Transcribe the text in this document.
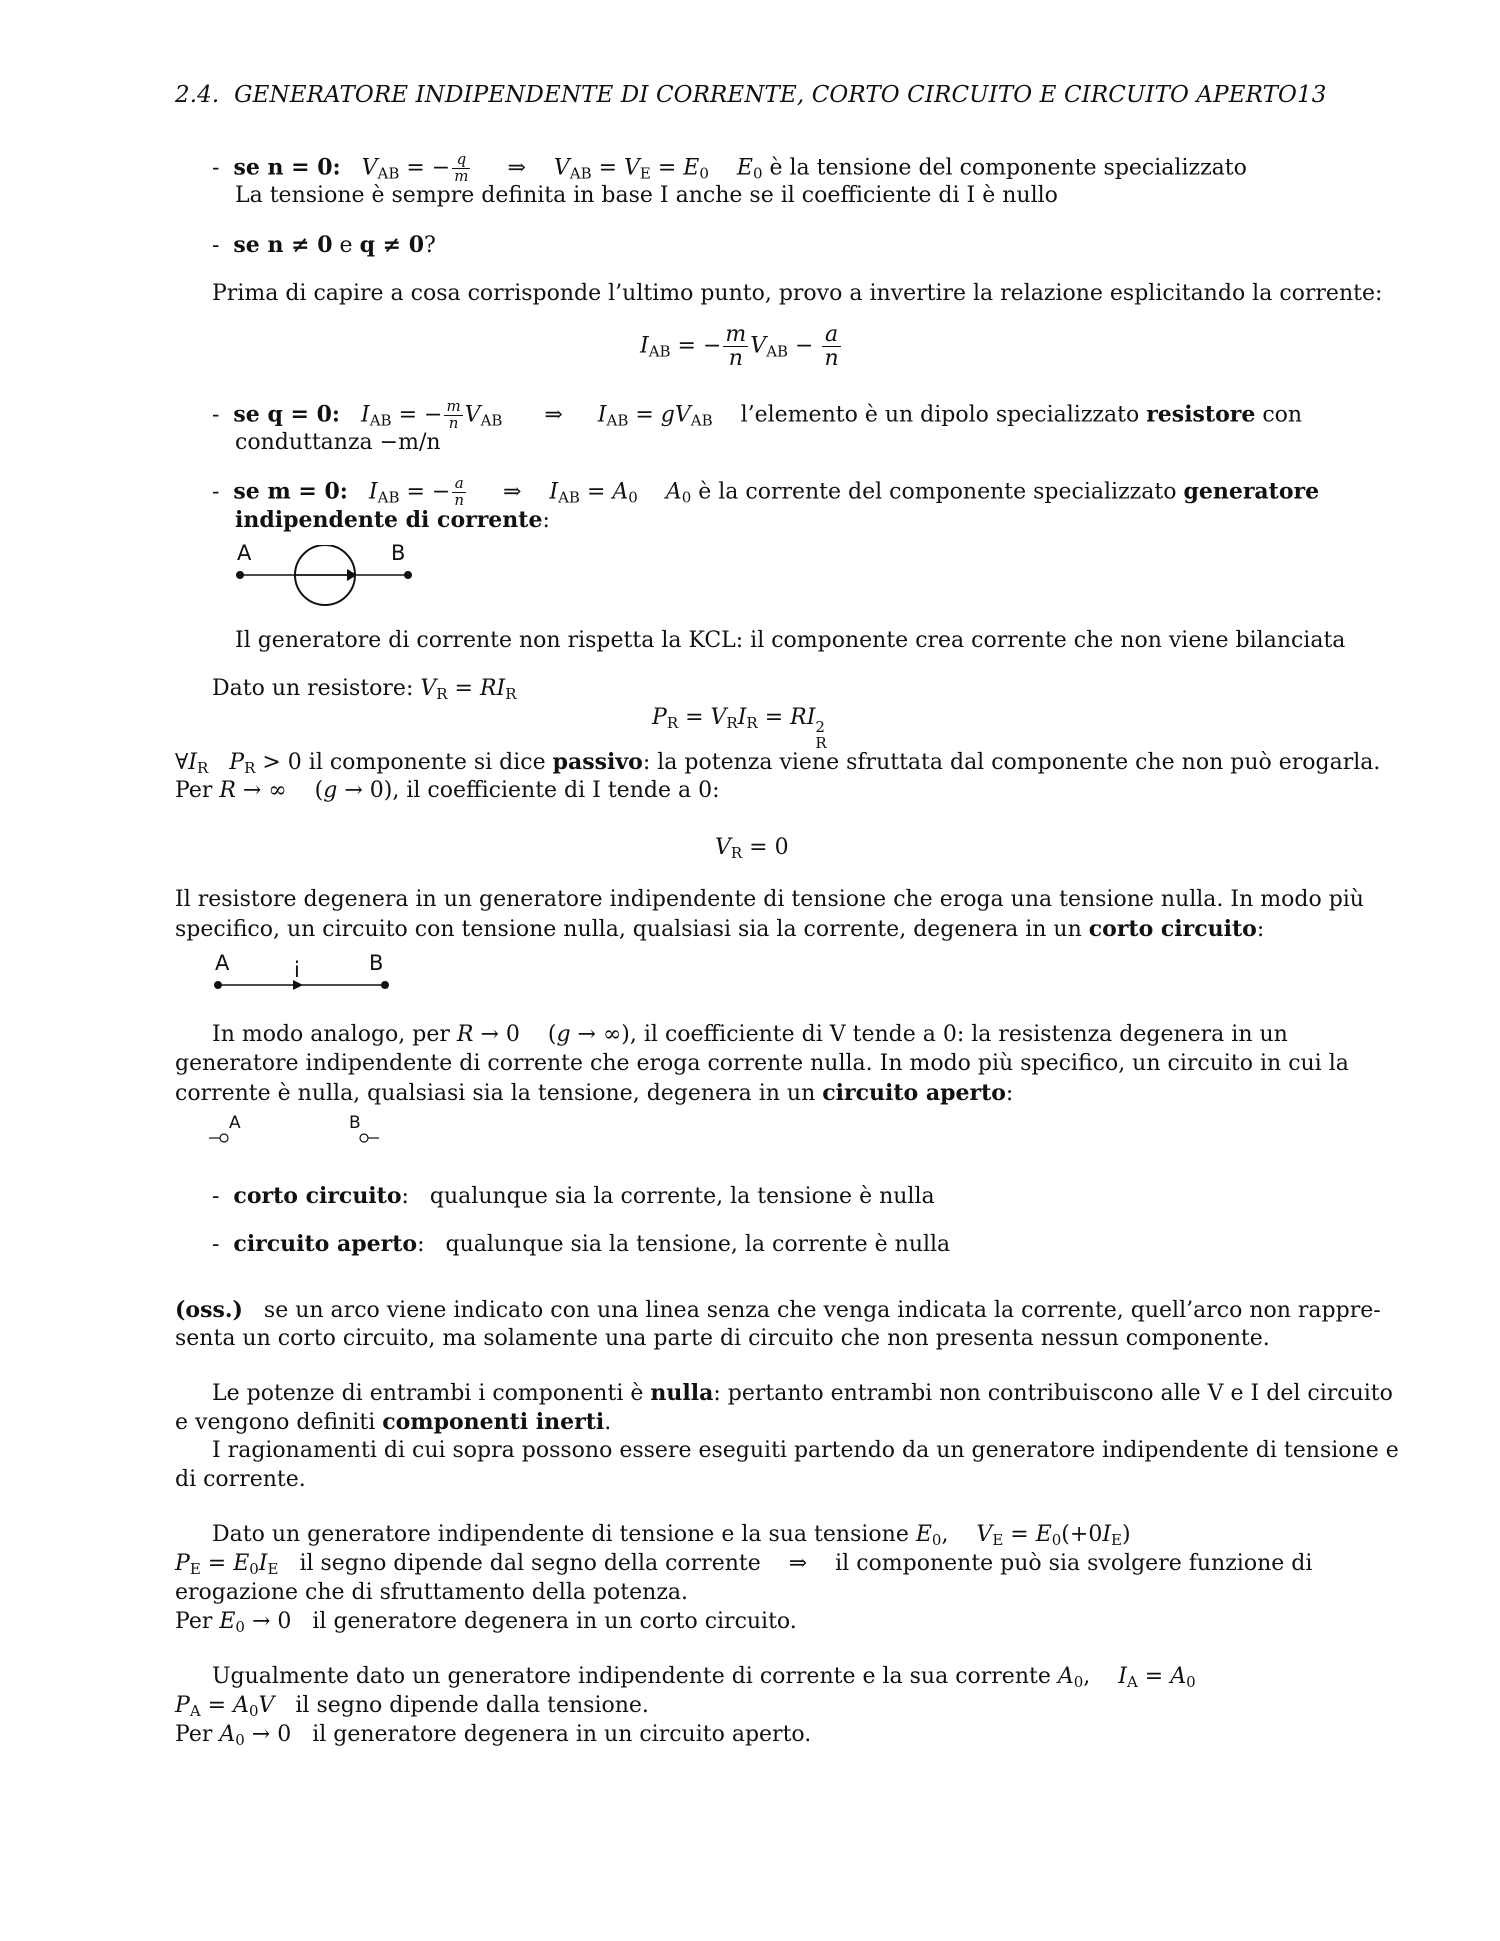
2.4. GENERATORE INDIPENDENTE DI CORRENTE, CORTO CIRCUITO E CIRCUITO APERTO13
- se n = 0: $V_{AB}$ = − $\frac{q}{m}$ ⇒    $V_{AB} = V_E = E_0$ $E_0$ è la tensione del componente specializzato
La tensione è sempre definita in base I anche se il coefficiente di I è nullo
-  se n ≠ 0 e q ≠ 0?
Prima di capire a cosa corrisponde l’ultimo punto, provo a invertire la relazione esplicitando la corrente:
$I_{AB}$ = − $\frac{m}{n} V_{AB} - \frac{a}{n}$
-  se q = 0: $I_{AB}$ = − $\frac{m}{n} V_{AB}$      ⇒     $I_{AB} = gV_{AB}$ l’elemento è un dipolo specializzato resistore con
conduttanza −m/n
-  se m = 0: $I_{AB}$ = − $\frac{a}{n}$ ⇒    $I_{AB} = A_0$ $A_0$ è la corrente del componente specializzato generatore
indipendente di corrente:
A	B
Il generatore di corrente non rispetta la KCL: il componente crea corrente che non viene bilanciata
Dato un resistore: $V_R = RI_R$
$P_R = V_RI_R$ = RI 2
R
$\forall I_R$ $P_R > 0$ il componente si dice passivo: la potenza viene sfruttata dal componente che non può erogarla.
Per R → ∞    (g → 0), il coefficiente di I tende a 0:
$V_R = 0$
Il resistore degenera in un generatore indipendente di tensione che eroga una tensione nulla. In modo più
specifico, un circuito con tensione nulla, qualsiasi sia la corrente, degenera in un corto circuito:
A	i	B
In modo analogo, per R → 0    (g → ∞), il coefficiente di V tende a 0: la resistenza degenera in un
generatore indipendente di corrente che eroga corrente nulla. In modo più specifico, un circuito in cui la
corrente è nulla, qualsiasi sia la tensione, degenera in un circuito aperto:
A	B
-  corto circuito:   qualunque sia la corrente, la tensione è nulla
-  circuito aperto:   qualunque sia la tensione, la corrente è nulla
(oss.) se un arco viene indicato con una linea senza che venga indicata la corrente, quell’arco non rappre-
senta un corto circuito, ma solamente una parte di circuito che non presenta nessun componente.
Le potenze di entrambi i componenti è nulla: pertanto entrambi non contribuiscono alle V e I del circuito
e vengono definiti componenti inerti.
I ragionamenti di cui sopra possono essere eseguiti partendo da un generatore indipendente di tensione e
di corrente.
Dato un generatore indipendente di tensione e la sua tensione $E_0$,    $V_E = E_0(+0I_E)$
$P_E = E_0I_E$ il segno dipende dal segno della corrente    ⇒    il componente può sia svolgere funzione di
erogazione che di sfruttamento della potenza.
Per $E_0 \to 0$   il generatore degenera in un corto circuito.
Ugualmente dato un generatore indipendente di corrente e la sua corrente $A_0$,    $I_A = A_0$
$P_A = A_0V$ il segno dipende dalla tensione.
Per $A_0 \to 0$   il generatore degenera in un circuito aperto.
